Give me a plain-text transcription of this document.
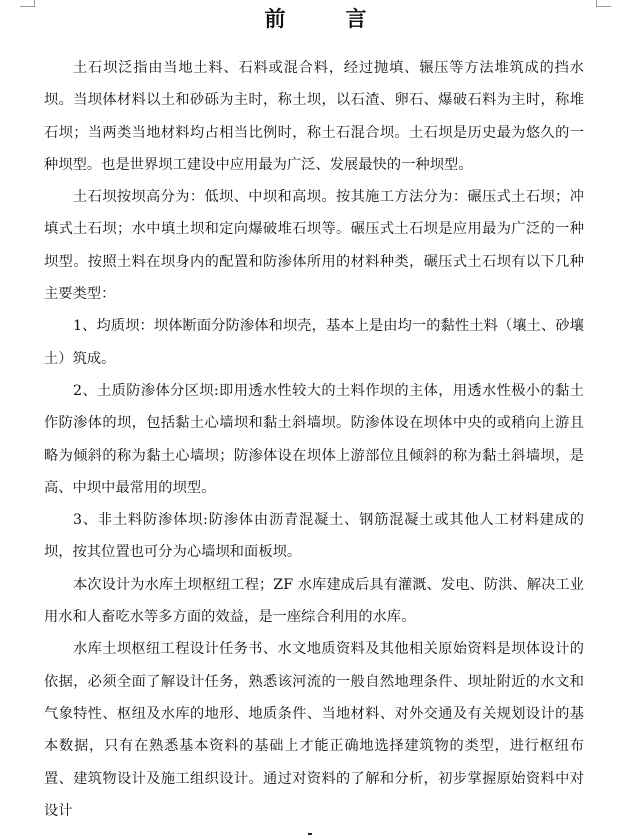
前言

土石坝泛指由当地土料、石料或混合料，经过抛填、辗压等方法堆筑成的挡水坝。当坝体材料以土和砂砾为主时，称土坝，以石渣、卵石、爆破石料为主时，称堆石坝；当两类当地材料均占相当比例时，称土石混合坝。土石坝是历史最为悠久的一种坝型。也是世界坝工建设中应用最为广泛、发展最快的一种坝型。

土石坝按坝高分为：低坝、中坝和高坝。按其施工方法分为：碾压式土石坝；冲填式土石坝；水中填土坝和定向爆破堆石坝等。碾压式土石坝是应用最为广泛的一种坝型。按照土料在坝身内的配置和防渗体所用的材料种类，碾压式土石坝有以下几种主要类型：

1、均质坝：坝体断面分防渗体和坝壳，基本上是由均一的黏性土料（壤土、砂壤土）筑成。

2、土质防渗体分区坝:即用透水性较大的土料作坝的主体，用透水性极小的黏土作防渗体的坝，包括黏土心墙坝和黏土斜墙坝。防渗体设在坝体中央的或稍向上游且略为倾斜的称为黏土心墙坝；防渗体设在坝体上游部位且倾斜的称为黏土斜墙坝，是高、中坝中最常用的坝型。

3、非土料防渗体坝:防渗体由沥青混凝土、钢筋混凝土或其他人工材料建成的坝，按其位置也可分为心墙坝和面板坝。

本次设计为水库土坝枢纽工程；ZF 水库建成后具有灌溉、发电、防洪、解决工业用水和人畜吃水等多方面的效益，是一座综合利用的水库。

水库土坝枢纽工程设计任务书、水文地质资料及其他相关原始资料是坝体设计的依据，必须全面了解设计任务，熟悉该河流的一般自然地理条件、坝址附近的水文和气象特性、枢纽及水库的地形、地质条件、当地材料、对外交通及有关规划设计的基本数据，只有在熟悉基本资料的基础上才能正确地选择建筑物的类型，进行枢纽布置、建筑物设计及施工组织设计。通过对资料的了解和分析，初步掌握原始资料中对设计
